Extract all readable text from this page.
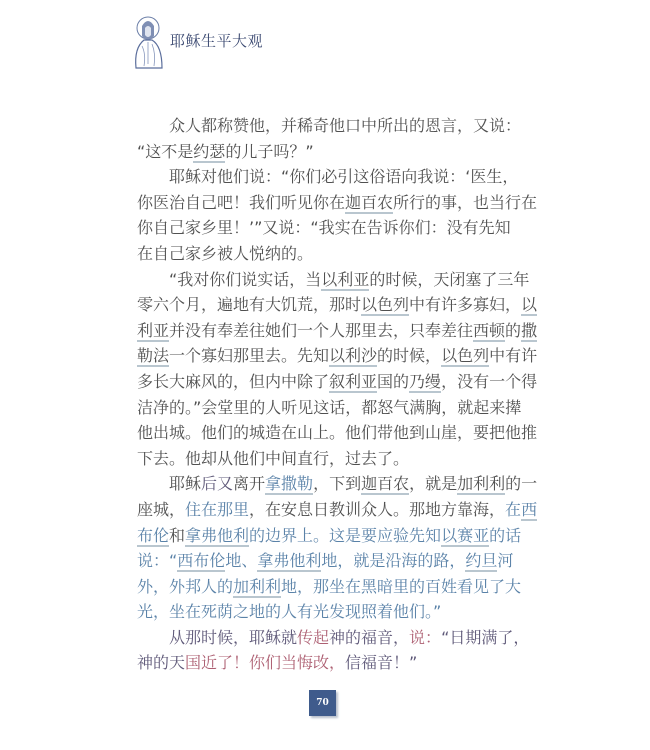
耶稣生平大观
众人都称赞他，并稀奇他口中所出的恩言，又说：
“这不是约瑟的儿子吗？”
耶稣对他们说：“你们必引这俗语向我说：‘医生，
你医治自己吧！我们听见你在迦百农所行的事，也当行在
你自己家乡里！’”又说：“我实在告诉你们：没有先知
在自己家乡被人悦纳的。
“我对你们说实话，当以利亚的时候，天闭塞了三年
零六个月，遍地有大饥荒，那时以色列中有许多寡妇，以
利亚并没有奉差往她们一个人那里去，只奉差往西顿的撒
勒法一个寡妇那里去。先知以利沙的时候，以色列中有许
多长大麻风的，但内中除了叙利亚国的乃缦，没有一个得
洁净的。”会堂里的人听见这话，都怒气满胸，就起来撵
他出城。他们的城造在山上。他们带他到山崖，要把他推
下去。他却从他们中间直行，过去了。
耶稣后又离开拿撒勒，下到迦百农，就是加利利的一
座城，住在那里，在安息日教训众人。那地方靠海，在西
布伦和拿弗他利的边界上。这是要应验先知以赛亚的话
说：“西布伦地、拿弗他利地，就是沿海的路，约旦河
外，外邦人的加利利地，那坐在黑暗里的百姓看见了大
光，坐在死荫之地的人有光发现照着他们。”
从那时候，耶稣就传起神的福音，说：“日期满了，
神的天国近了！你们当悔改，信福音！”
70
